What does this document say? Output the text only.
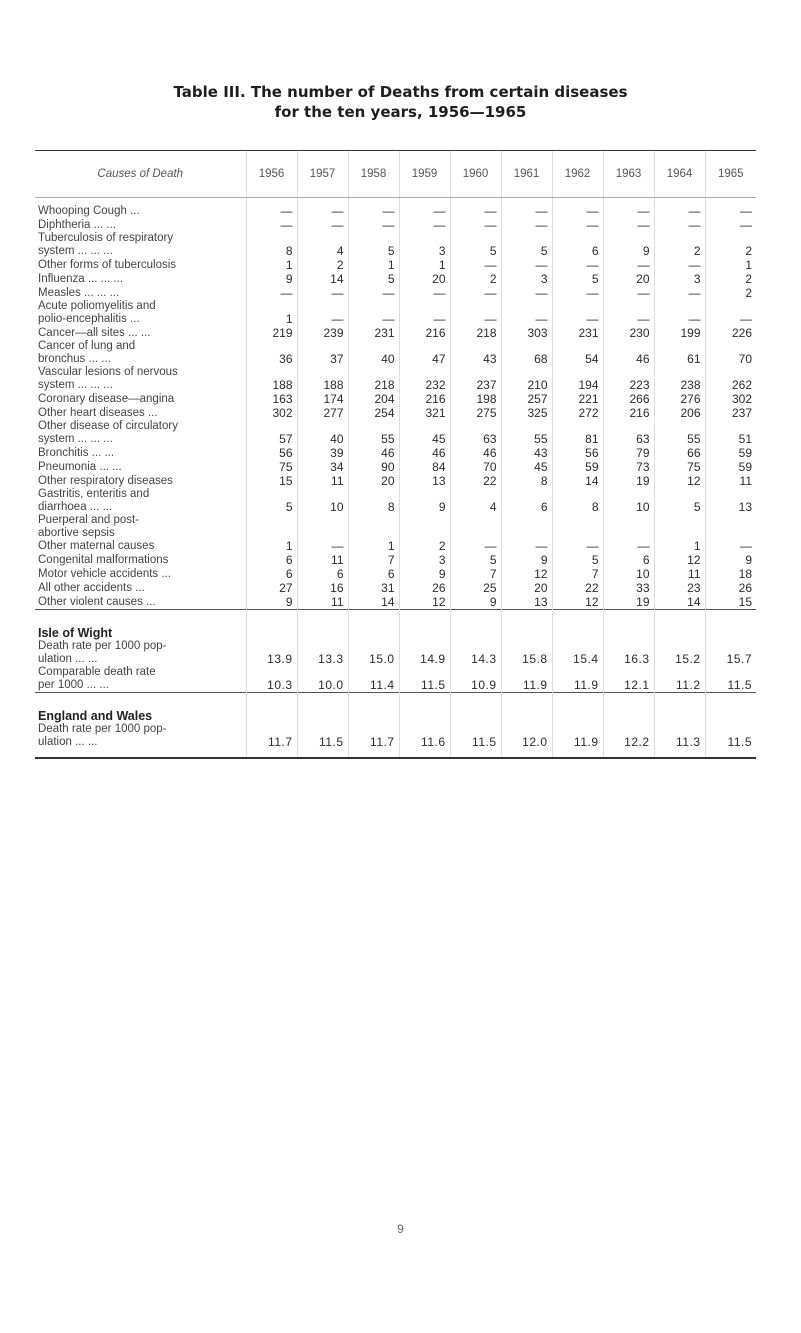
Table III. The number of Deaths from certain diseases
for the ten years, 1956—1965
Causes of Death	1956	1957	1958	1959	1960	1961	1962	1963	1964	1965
Whooping Cough ...	—	—	—	—	—	—	—	—	—	—
Diphtheria ... ...	—	—	—	—	—	—	—	—	—	—

Tuberculosis of respiratory
system ... ... ...	8	4	5	3	5	5	6	9	2	2
Other forms of tuberculosis	1	2	1	1	—	—	—	—	—	1
Influenza ... ... ...	9	14	5	20	2	3	5	20	3	2
Measles ... ... ...	—	—	—	—	—	—	—	—	—	2

Acute poliomyelitis and
polio-encephalitis ...	1	—	—	—	—	—	—	—	—	—
Cancer—all sites ... ...	219	239	231	216	218	303	231	230	199	226

Cancer of lung and
bronchus ... ...	36	37	40	47	43	68	54	46	61	70

Vascular lesions of nervous
system ... ... ...	188	188	218	232	237	210	194	223	238	262
Coronary disease—angina	163	174	204	216	198	257	221	266	276	302
Other heart diseases ...	302	277	254	321	275	325	272	216	206	237

Other disease of circulatory
system ... ... ...	57	40	55	45	63	55	81	63	55	51
Bronchitis ... ...	56	39	46	46	46	43	56	79	66	59
Pneumonia ... ...	75	34	90	84	70	45	59	73	75	59
Other respiratory diseases	15	11	20	13	22	8	14	19	12	11

Gastritis, enteritis and
diarrhoea ... ...	5	10	8	9	4	6	8	10	5	13

Puerperal and post-
abortive sepsis
Other maternal causes	1	—	1	2	—	—	—	—	1	—
Congenital malformations	6	11	7	3	5	9	5	6	12	9
Motor vehicle accidents ...	6	6	6	9	7	12	7	10	11	18
All other accidents ...	27	16	31	26	25	20	22	33	23	26
Other violent causes ...	9	11	14	12	9	13	12	19	14	15
Isle of Wight										

Death rate per 1000 pop-
ulation ... ...	13.9	13.3	15.0	14.9	14.3	15.8	15.4	16.3	15.2	15.7

Comparable death rate
per 1000 ... ...	10.3	10.0	11.4	11.5	10.9	11.9	11.9	12.1	11.2	11.5
England and Wales										

Death rate per 1000 pop-
ulation ... ...	11.7	11.5	11.7	11.6	11.5	12.0	11.9	12.2	11.3	11.5
9
